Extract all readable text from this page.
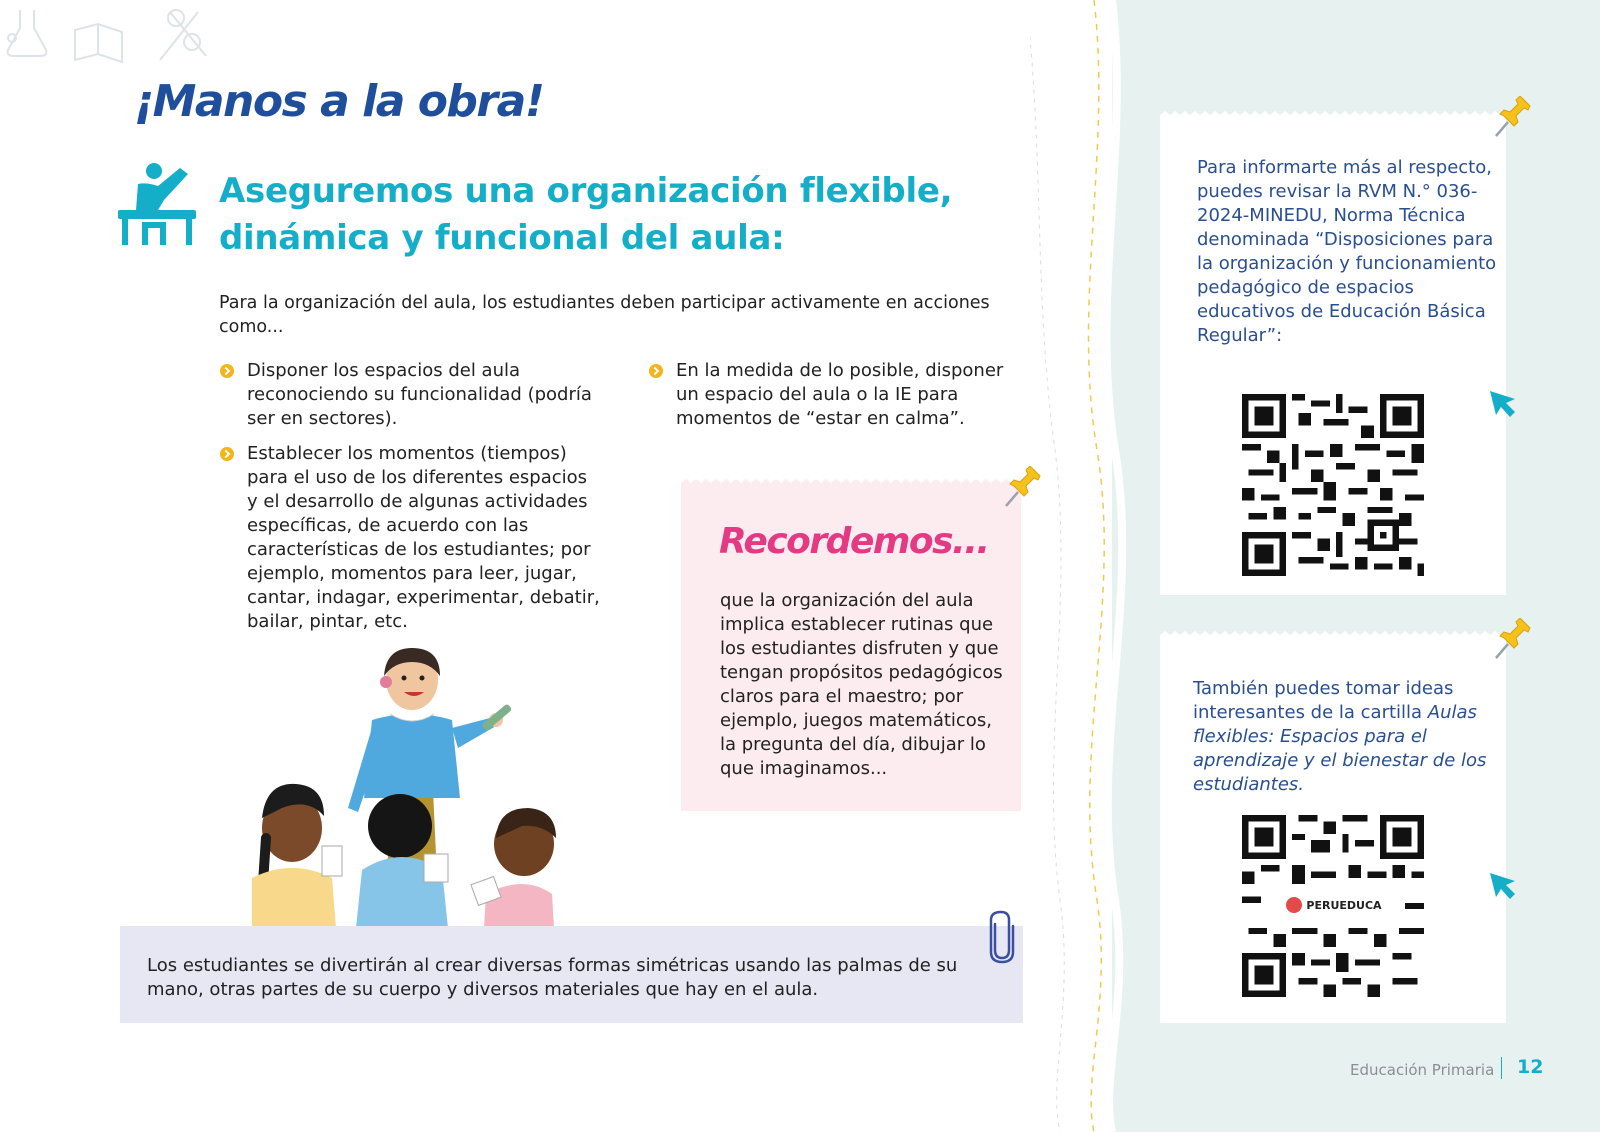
¡Manos a la obra!
Aseguremos una organización flexible, dinámica y funcional del aula:

Para la organización del aula, los estudiantes deben participar activamente en acciones como...

Disponer los espacios del aula reconociendo su funcionalidad (podría ser en sectores).
Establecer los momentos (tiempos) para el uso de los diferentes espacios y el desarrollo de algunas actividades específicas, de acuerdo con las características de los estudiantes; por ejemplo, momentos para leer, jugar, cantar, indagar, experimentar, debatir, bailar, pintar, etc.
En la medida de lo posible, disponer un espacio del aula o la IE para momentos de “estar en calma”.
Recordemos...

que la organización del aula implica establecer rutinas que los estudiantes disfruten y que tengan propósitos pedagógicos claros para el maestro; por ejemplo, juegos matemáticos, la pregunta del día, dibujar lo que imaginamos...

Los estudiantes se divertirán al crear diversas formas simétricas usando las palmas de su mano, otras partes de su cuerpo y diversos materiales que hay en el aula.

Para informarte más al respecto, puedes revisar la RVM N.° 036-2024-MINEDU, Norma Técnica denominada “Disposiciones para la organización y funcionamiento pedagógico de espacios educativos de Educación Básica Regular”:

También puedes tomar ideas interesantes de la cartilla Aulas flexibles: Espacios para el aprendizaje y el bienestar de los estudiantes.

PERUEDUCA
Educación Primaria 12
